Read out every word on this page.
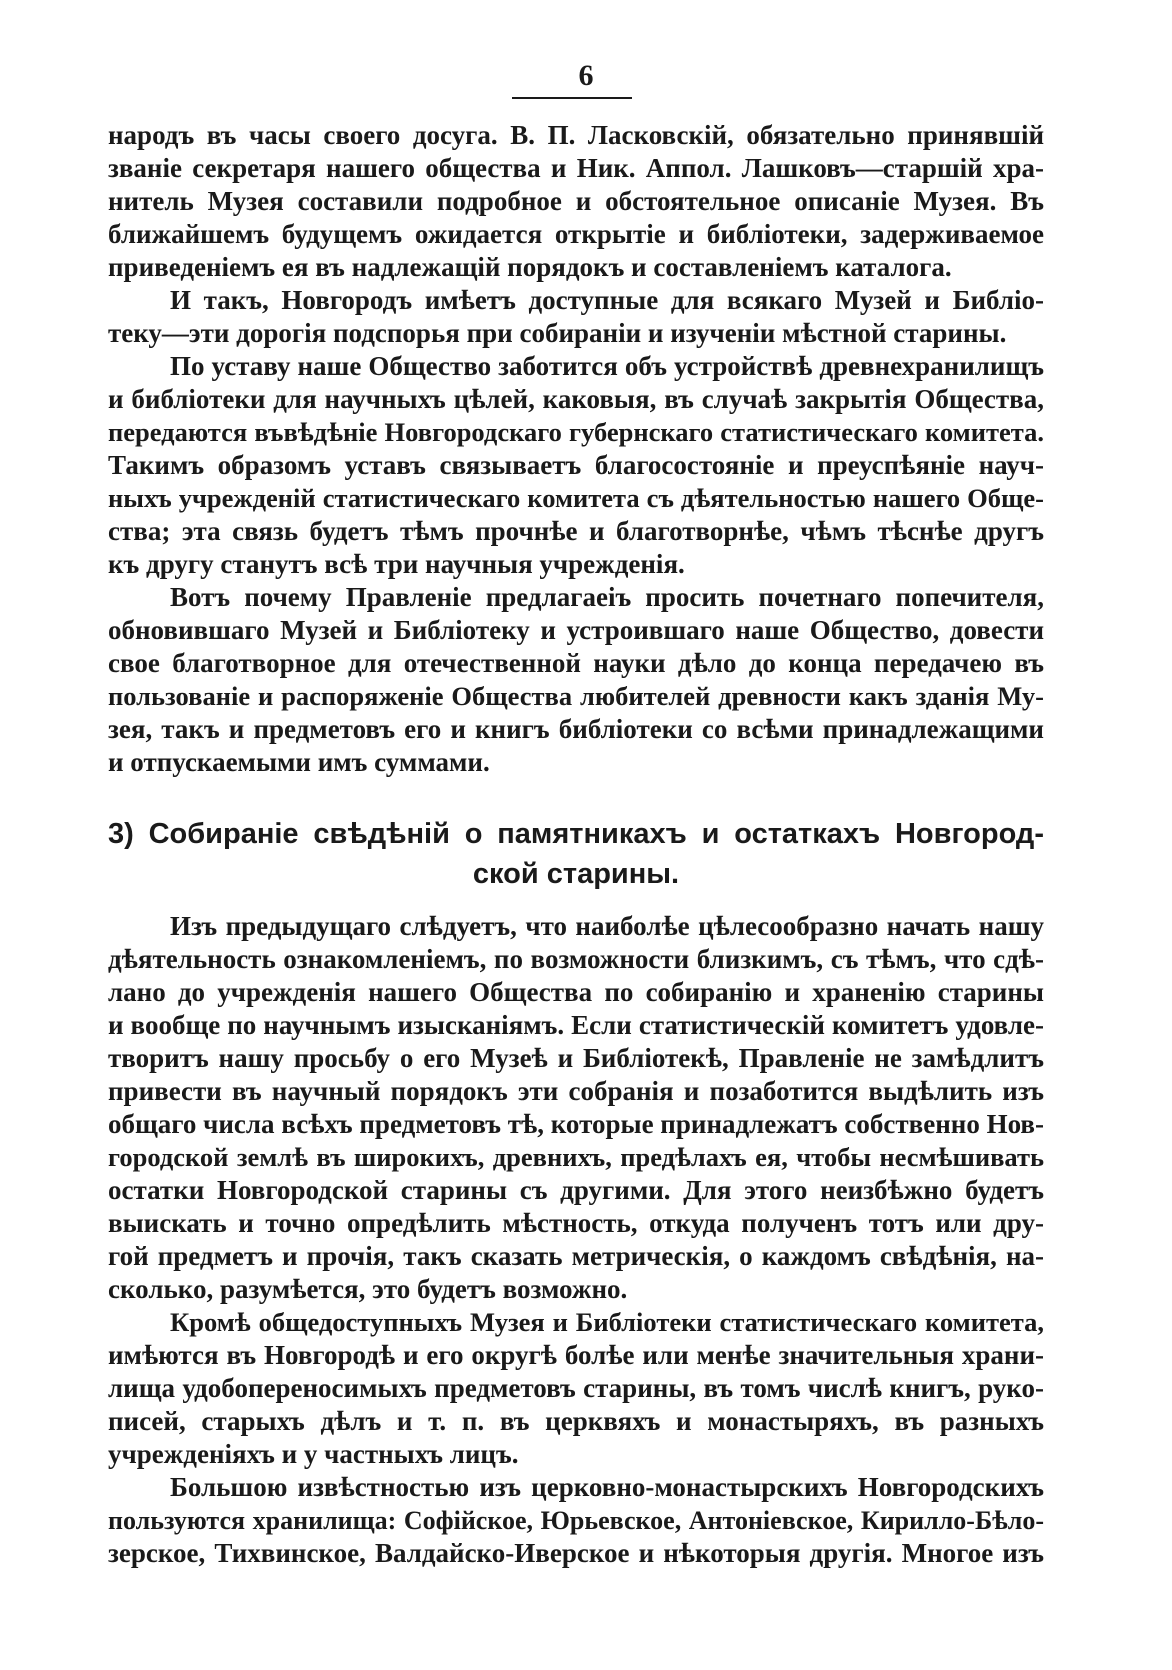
6
народъ въ часы своего досуга. В. П. Ласковскій, обязательно принявшій
званіе секретаря нашего общества и Ник. Аппол. Лашковъ—старшій хра-
нитель Музея составили подробное и обстоятельное описаніе Музея. Въ
ближайшемъ будущемъ ожидается открытіе и библіотеки, задерживаемое
приведеніемъ ея въ надлежащій порядокъ и составленіемъ каталога.
И такъ, Новгородъ имѣетъ доступные для всякаго Музей и Библіо-
теку—эти дорогія подспорья при собираніи и изученіи мѣстной старины.
По уставу наше Общество заботится объ устройствѣ древнехранилищъ
и библіотеки для научныхъ цѣлей, каковыя, въ случаѣ закрытія Общества,
передаются въвѣдѣніе Новгородскаго губернскаго статистическаго комитета.
Такимъ образомъ уставъ связываетъ благосостояніе и преуспѣяніе науч-
ныхъ учрежденій статистическаго комитета съ дѣятельностью нашего Обще-
ства; эта связь будетъ тѣмъ прочнѣе и благотворнѣе, чѣмъ тѣснѣе другъ
къ другу станутъ всѣ три научныя учрежденія.
Вотъ почему Правленіе предлагаеіъ просить почетнаго попечителя,
обновившаго Музей и Библіотеку и устроившаго наше Общество, довести
свое благотворное для отечественной науки дѣло до конца передачею въ
пользованіе и распоряженіе Общества любителей древности какъ зданія Му-
зея, такъ и предметовъ его и книгъ библіотеки со всѣми принадлежащими
и отпускаемыми имъ суммами.
3) Собираніе свѣдѣній о памятникахъ и остаткахъ Новгород-
ской старины.
Изъ предыдущаго слѣдуетъ, что наиболѣе цѣлесообразно начать нашу
дѣятельность ознакомленіемъ, по возможности близкимъ, съ тѣмъ, что сдѣ-
лано до учрежденія нашего Общества по собиранію и храненію старины
и вообще по научнымъ изысканіямъ. Если статистическій комитетъ удовле-
творитъ нашу просьбу о его Музеѣ и Библіотекѣ, Правленіе не замѣдлитъ
привести въ научный порядокъ эти собранія и позаботится выдѣлить изъ
общаго числа всѣхъ предметовъ тѣ, которые принадлежатъ собственно Нов-
городской землѣ въ широкихъ, древнихъ, предѣлахъ ея, чтобы несмѣшивать
остатки Новгородской старины съ другими. Для этого неизбѣжно будетъ
выискать и точно опредѣлить мѣстность, откуда полученъ тотъ или дру-
гой предметъ и прочія, такъ сказать метрическія, о каждомъ свѣдѣнія, на-
сколько, разумѣется, это будетъ возможно.
Кромѣ общедоступныхъ Музея и Библіотеки статистическаго комитета,
имѣются въ Новгородѣ и его округѣ болѣе или менѣе значительныя храни-
лища удобопереносимыхъ предметовъ старины, въ томъ числѣ книгъ, руко-
писей, старыхъ дѣлъ и т. п. въ церквяхъ и монастыряхъ, въ разныхъ
учрежденіяхъ и у частныхъ лицъ.
Большою извѣстностью изъ церковно-монастырскихъ Новгородскихъ
пользуются хранилища: Софійское, Юрьевское, Антоніевское, Кирилло-Бѣло-
зерское, Тихвинское, Валдайско-Иверское и нѣкоторыя другія. Многое изъ
